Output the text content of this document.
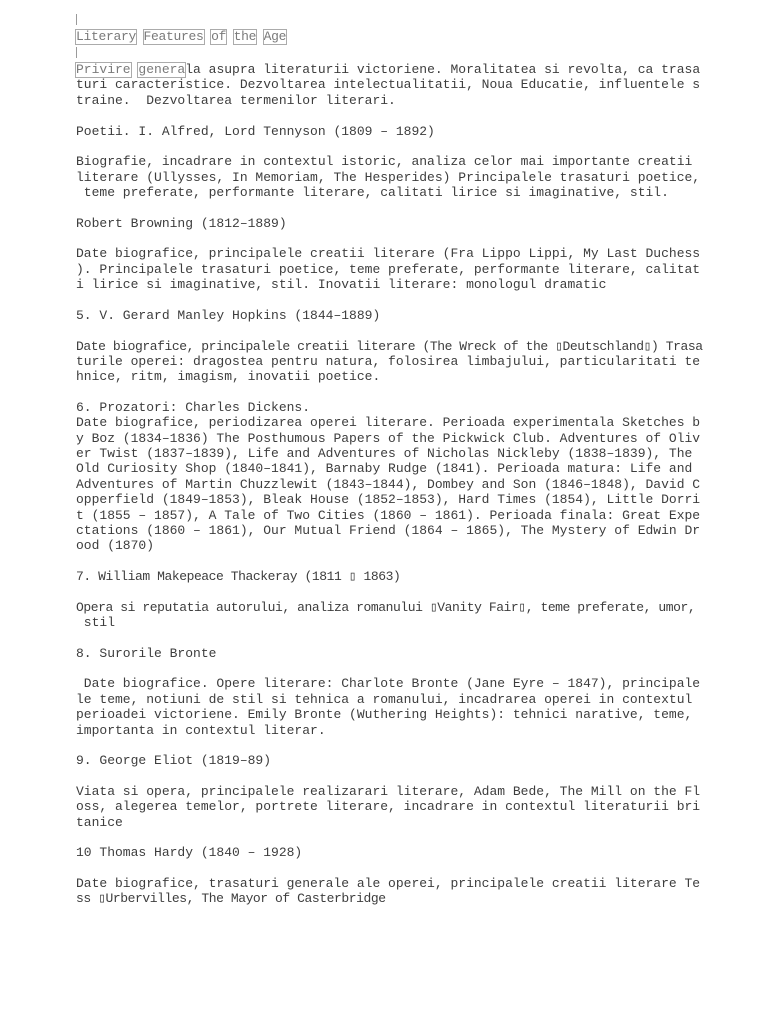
Literary Features of the Age
Privire generala asupra literaturii victoriene. Moralitatea si revolta, ca trasa
turi caracteristice. Dezvoltarea intelectualitatii, Noua Educatie, influentele s
traine.  Dezvoltarea termenilor literari.
Poetii. I. Alfred, Lord Tennyson (1809 – 1892)
Biografie, incadrare in contextul istoric, analiza celor mai importante creatii
literare (Ullysses, In Memoriam, The Hesperides) Principalele trasaturi poetice,
teme preferate, performante literare, calitati lirice si imaginative, stil.
Robert Browning (1812–1889)
Date biografice, principalele creatii literare (Fra Lippo Lippi, My Last Duchess
). Principalele trasaturi poetice, teme preferate, performante literare, calitat
i lirice si imaginative, stil. Inovatii literare: monologul dramatic
5. V. Gerard Manley Hopkins (1844–1889)
Date biografice, principalele creatii literare (The Wreck of the ▯Deutschland▯) Trasa
turile operei: dragostea pentru natura, folosirea limbajului, particularitati te
hnice, ritm, imagism, inovatii poetice.
6. Prozatori: Charles Dickens.
Date biografice, periodizarea operei literare. Perioada experimentala Sketches b
y Boz (1834–1836) The Posthumous Papers of the Pickwick Club. Adventures of Oliv
er Twist (1837–1839), Life and Adventures of Nicholas Nickleby (1838–1839), The
Old Curiosity Shop (1840–1841), Barnaby Rudge (1841). Perioada matura: Life and
Adventures of Martin Chuzzlewit (1843–1844), Dombey and Son (1846–1848), David C
opperfield (1849–1853), Bleak House (1852–1853), Hard Times (1854), Little Dorri
t (1855 – 1857), A Tale of Two Cities (1860 – 1861). Perioada finala: Great Expe
ctations (1860 – 1861), Our Mutual Friend (1864 – 1865), The Mystery of Edwin Dr
ood (1870)
7. William Makepeace Thackeray (1811 ▯ 1863)
Opera si reputatia autorului, analiza romanului ▯Vanity Fair▯, teme preferate, umor,
stil
8. Surorile Bronte
Date biografice. Opere literare: Charlote Bronte (Jane Eyre – 1847), principale
le teme, notiuni de stil si tehnica a romanului, incadrarea operei in contextul
perioadei victoriene. Emily Bronte (Wuthering Heights): tehnici narative, teme,
importanta in contextul literar.
9. George Eliot (1819–89)
Viata si opera, principalele realizarari literare, Adam Bede, The Mill on the Fl
oss, alegerea temelor, portrete literare, incadrare in contextul literaturii bri
tanice
10 Thomas Hardy (1840 – 1928)
Date biografice, trasaturi generale ale operei, principalele creatii literare Te
ss ▯Urbervilles, The Mayor of Casterbridge
